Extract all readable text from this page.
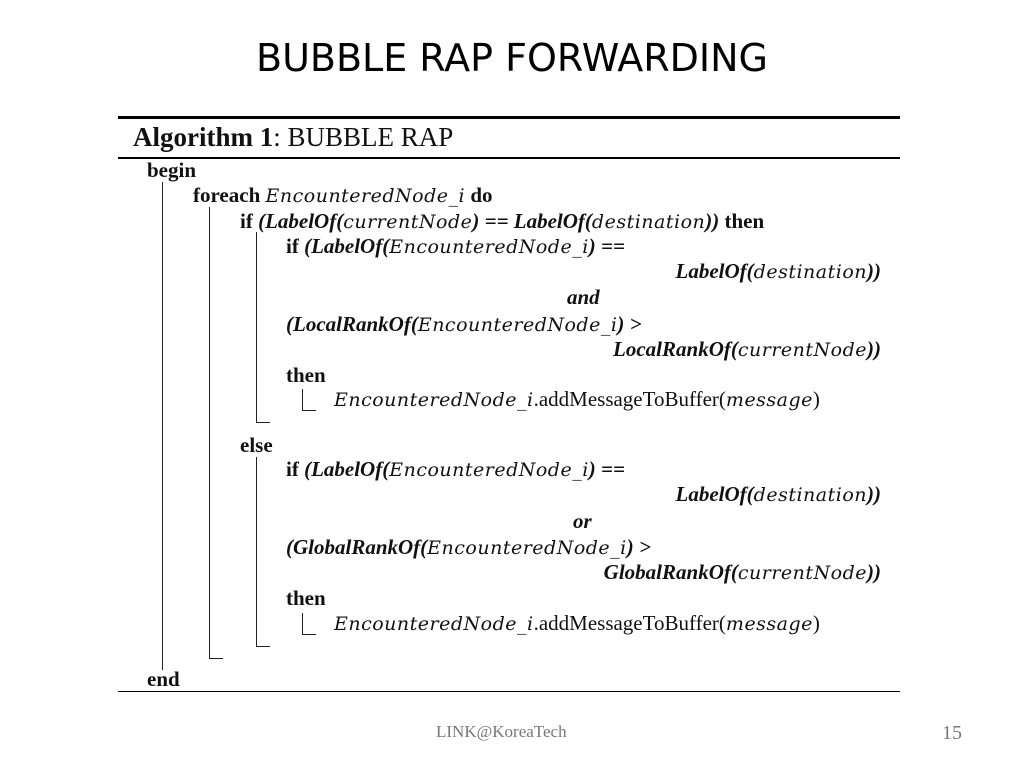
BUBBLE RAP FORWARDING
Algorithm 1: BUBBLE RAP
begin
foreach EncounteredNode_i do
if (LabelOf(currentNode) == LabelOf(destination)) then
if (LabelOf(EncounteredNode_i) ==
LabelOf(destination))
and
(LocalRankOf(EncounteredNode_i) >
LocalRankOf(currentNode))
then
EncounteredNode_i.addMessageToBuffer(message)
else
if (LabelOf(EncounteredNode_i) ==
LabelOf(destination))
or
(GlobalRankOf(EncounteredNode_i) >
GlobalRankOf(currentNode))
then
EncounteredNode_i.addMessageToBuffer(message)
end
LINK@KoreaTech	15
